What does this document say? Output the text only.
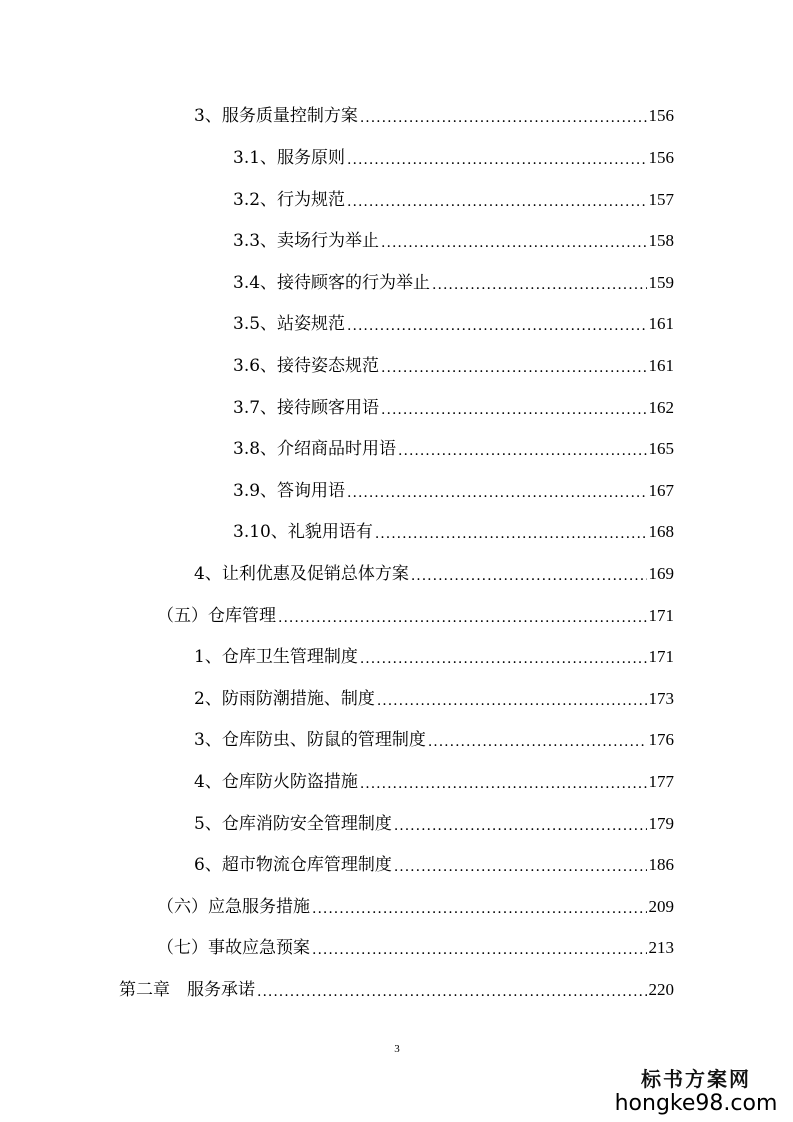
3、服务质量控制方案 .....	156
3.1、服务原则 .....	156
3.2、行为规范 .....	157
3.3、卖场行为举止 .....	158
3.4、接待顾客的行为举止 .....	159
3.5、站姿规范 .....	161
3.6、接待姿态规范 .....	161
3.7、接待顾客用语 .....	162
3.8、介绍商品时用语 .....	165
3.9、答询用语 .....	167
3.10、礼貌用语有 .....	168
4、让利优惠及促销总体方案 .....	169
（五）仓库管理 .....	171
1、仓库卫生管理制度 .....	171
2、防雨防潮措施、制度 .....	173
3、仓库防虫、防鼠的管理制度 .....	176
4、仓库防火防盗措施 .....	177
5、仓库消防安全管理制度 .....	179
6、超市物流仓库管理制度 .....	186
（六）应急服务措施 .....	209
（七）事故应急预案 .....	213
第二章　服务承诺 .....	220
3
标书方案网
hongke98.com
